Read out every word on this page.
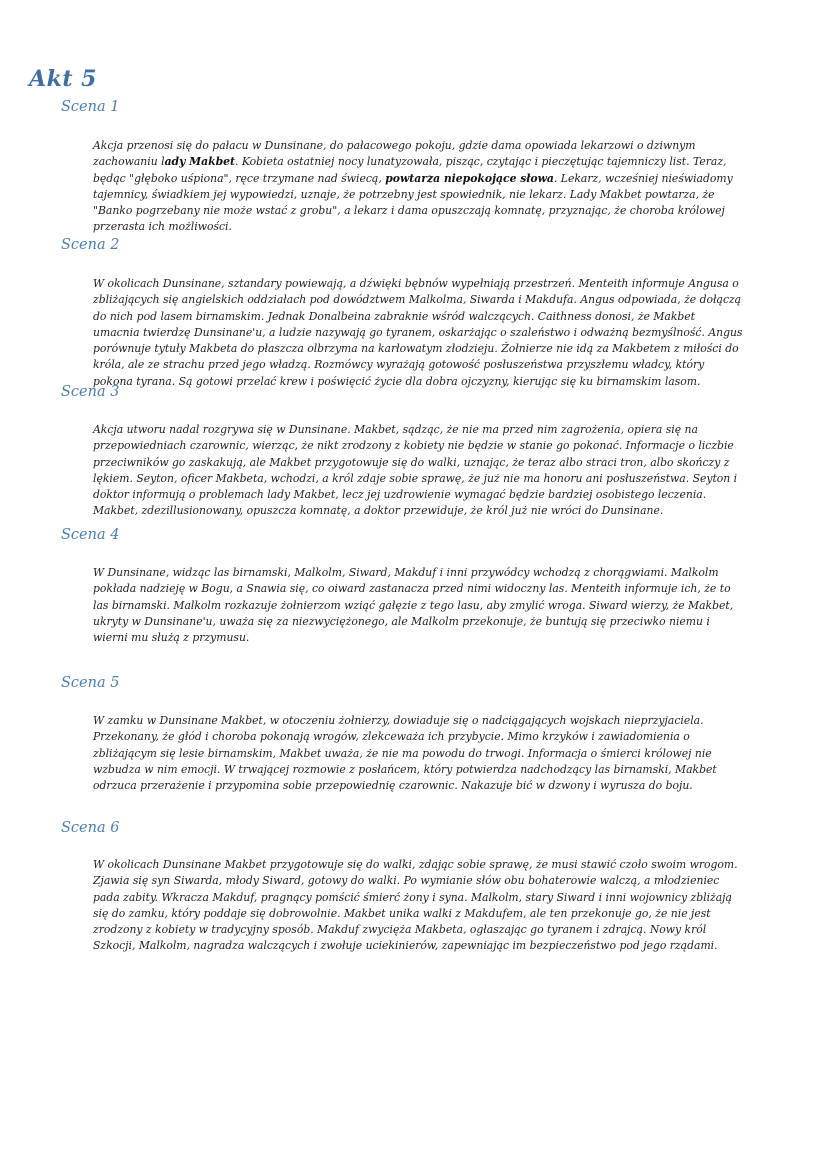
Akt 5
Scena 1

Akcja przenosi się do pałacu w Dunsinane, do pałacowego pokoju, gdzie dama opowiada lekarzowi o dziwnym zachowaniu lady Makbet. Kobieta ostatniej nocy lunatyzowała, pisząc, czytając i pieczętując tajemniczy list. Teraz, będąc "głęboko uśpiona", ręce trzymane nad świecą, powtarza niepokojące słowa. Lekarz, wcześniej nieświadomy tajemnicy, świadkiem jej wypowiedzi, uznaje, że potrzebny jest spowiednik, nie lekarz. Lady Makbet powtarza, że "Banko pogrzebany nie może wstać z grobu", a lekarz i dama opuszczają komnatę, przyznając, że choroba królowej przerasta ich możliwości.

Scena 2

W okolicach Dunsinane, sztandary powiewają, a dźwięki bębnów wypełniają przestrzeń. Menteith informuje Angusa o zbliżających się angielskich oddziałach pod dowództwem Malkolma, Siwarda i Makdufa. Angus odpowiada, że dołączą do nich pod lasem birnamskim. Jednak Donalbeina zabraknie wśród walczących. Caithness donosi, że Makbet umacnia twierdzę Dunsinane'u, a ludzie nazywają go tyranem, oskarżając o szaleństwo i odważną bezmyślność. Angus porównuje tytuły Makbeta do płaszcza olbrzyma na karłowatym złodzieju. Żołnierze nie idą za Makbetem z miłości do króla, ale ze strachu przed jego władzą. Rozmówcy wyrażają gotowość posłuszeństwa przyszłemu władcy, który pokona tyrana. Są gotowi przelać krew i poświęcić życie dla dobra ojczyzny, kierując się ku birnamskim lasom.

Scena 3

Akcja utworu nadal rozgrywa się w Dunsinane. Makbet, sądząc, że nie ma przed nim zagrożenia, opiera się na przepowiedniach czarownic, wierząc, że nikt zrodzony z kobiety nie będzie w stanie go pokonać. Informacje o liczbie przeciwników go zaskakują, ale Makbet przygotowuje się do walki, uznając, że teraz albo straci tron, albo skończy z lękiem. Seyton, oficer Makbeta, wchodzi, a król zdaje sobie sprawę, że już nie ma honoru ani posłuszeństwa. Seyton i doktor informują o problemach lady Makbet, lecz jej uzdrowienie wymagać będzie bardziej osobistego leczenia. Makbet, zdezillusionowany, opuszcza komnatę, a doktor przewiduje, że król już nie wróci do Dunsinane.

Scena 4

W Dunsinane, widząc las birnamski, Malkolm, Siward, Makduf i inni przywódcy wchodzą z chorągwiami. Malkolm pokłada nadzieję w Bogu, a Snawia się, co oiward zastanacza przed nimi widoczny las. Menteith informuje ich, że to las birnamski. Malkolm rozkazuje żołnierzom wziąć gałęzie z tego lasu, aby zmylić wroga. Siward wierzy, że Makbet, ukryty w Dunsinane'u, uważa się za niezwyciężonego, ale Malkolm przekonuje, że buntują się przeciwko niemu i wierni mu służą z przymusu.

Scena 5

W zamku w Dunsinane Makbet, w otoczeniu żołnierzy, dowiaduje się o nadciągających wojskach nieprzyjaciela. Przekonany, że głód i choroba pokonają wrogów, zlekceważa ich przybycie. Mimo krzyków i zawiadomienia o zbliżającym się lesie birnamskim, Makbet uważa, że nie ma powodu do trwogi. Informacja o śmierci królowej nie wzbudza w nim emocji. W trwającej rozmowie z posłańcem, który potwierdza nadchodzący las birnamski, Makbet odrzuca przerażenie i przypomina sobie przepowiednię czarownic. Nakazuje bić w dzwony i wyrusza do boju.

Scena 6

W okolicach Dunsinane Makbet przygotowuje się do walki, zdając sobie sprawę, że musi stawić czoło swoim wrogom. Zjawia się syn Siwarda, młody Siward, gotowy do walki. Po wymianie słów obu bohaterowie walczą, a młodzieniec pada zabity. Wkracza Makduf, pragnący pomścić śmierć żony i syna. Malkolm, stary Siward i inni wojownicy zbliżają się do zamku, który poddaje się dobrowolnie. Makbet unika walki z Makdufem, ale ten przekonuje go, że nie jest zrodzony z kobiety w tradycyjny sposób. Makduf zwycięża Makbeta, ogłaszając go tyranem i zdrajcą. Nowy król Szkocji, Malkolm, nagradza walczących i zwołuje uciekinierów, zapewniając im bezpieczeństwo pod jego rządami.
